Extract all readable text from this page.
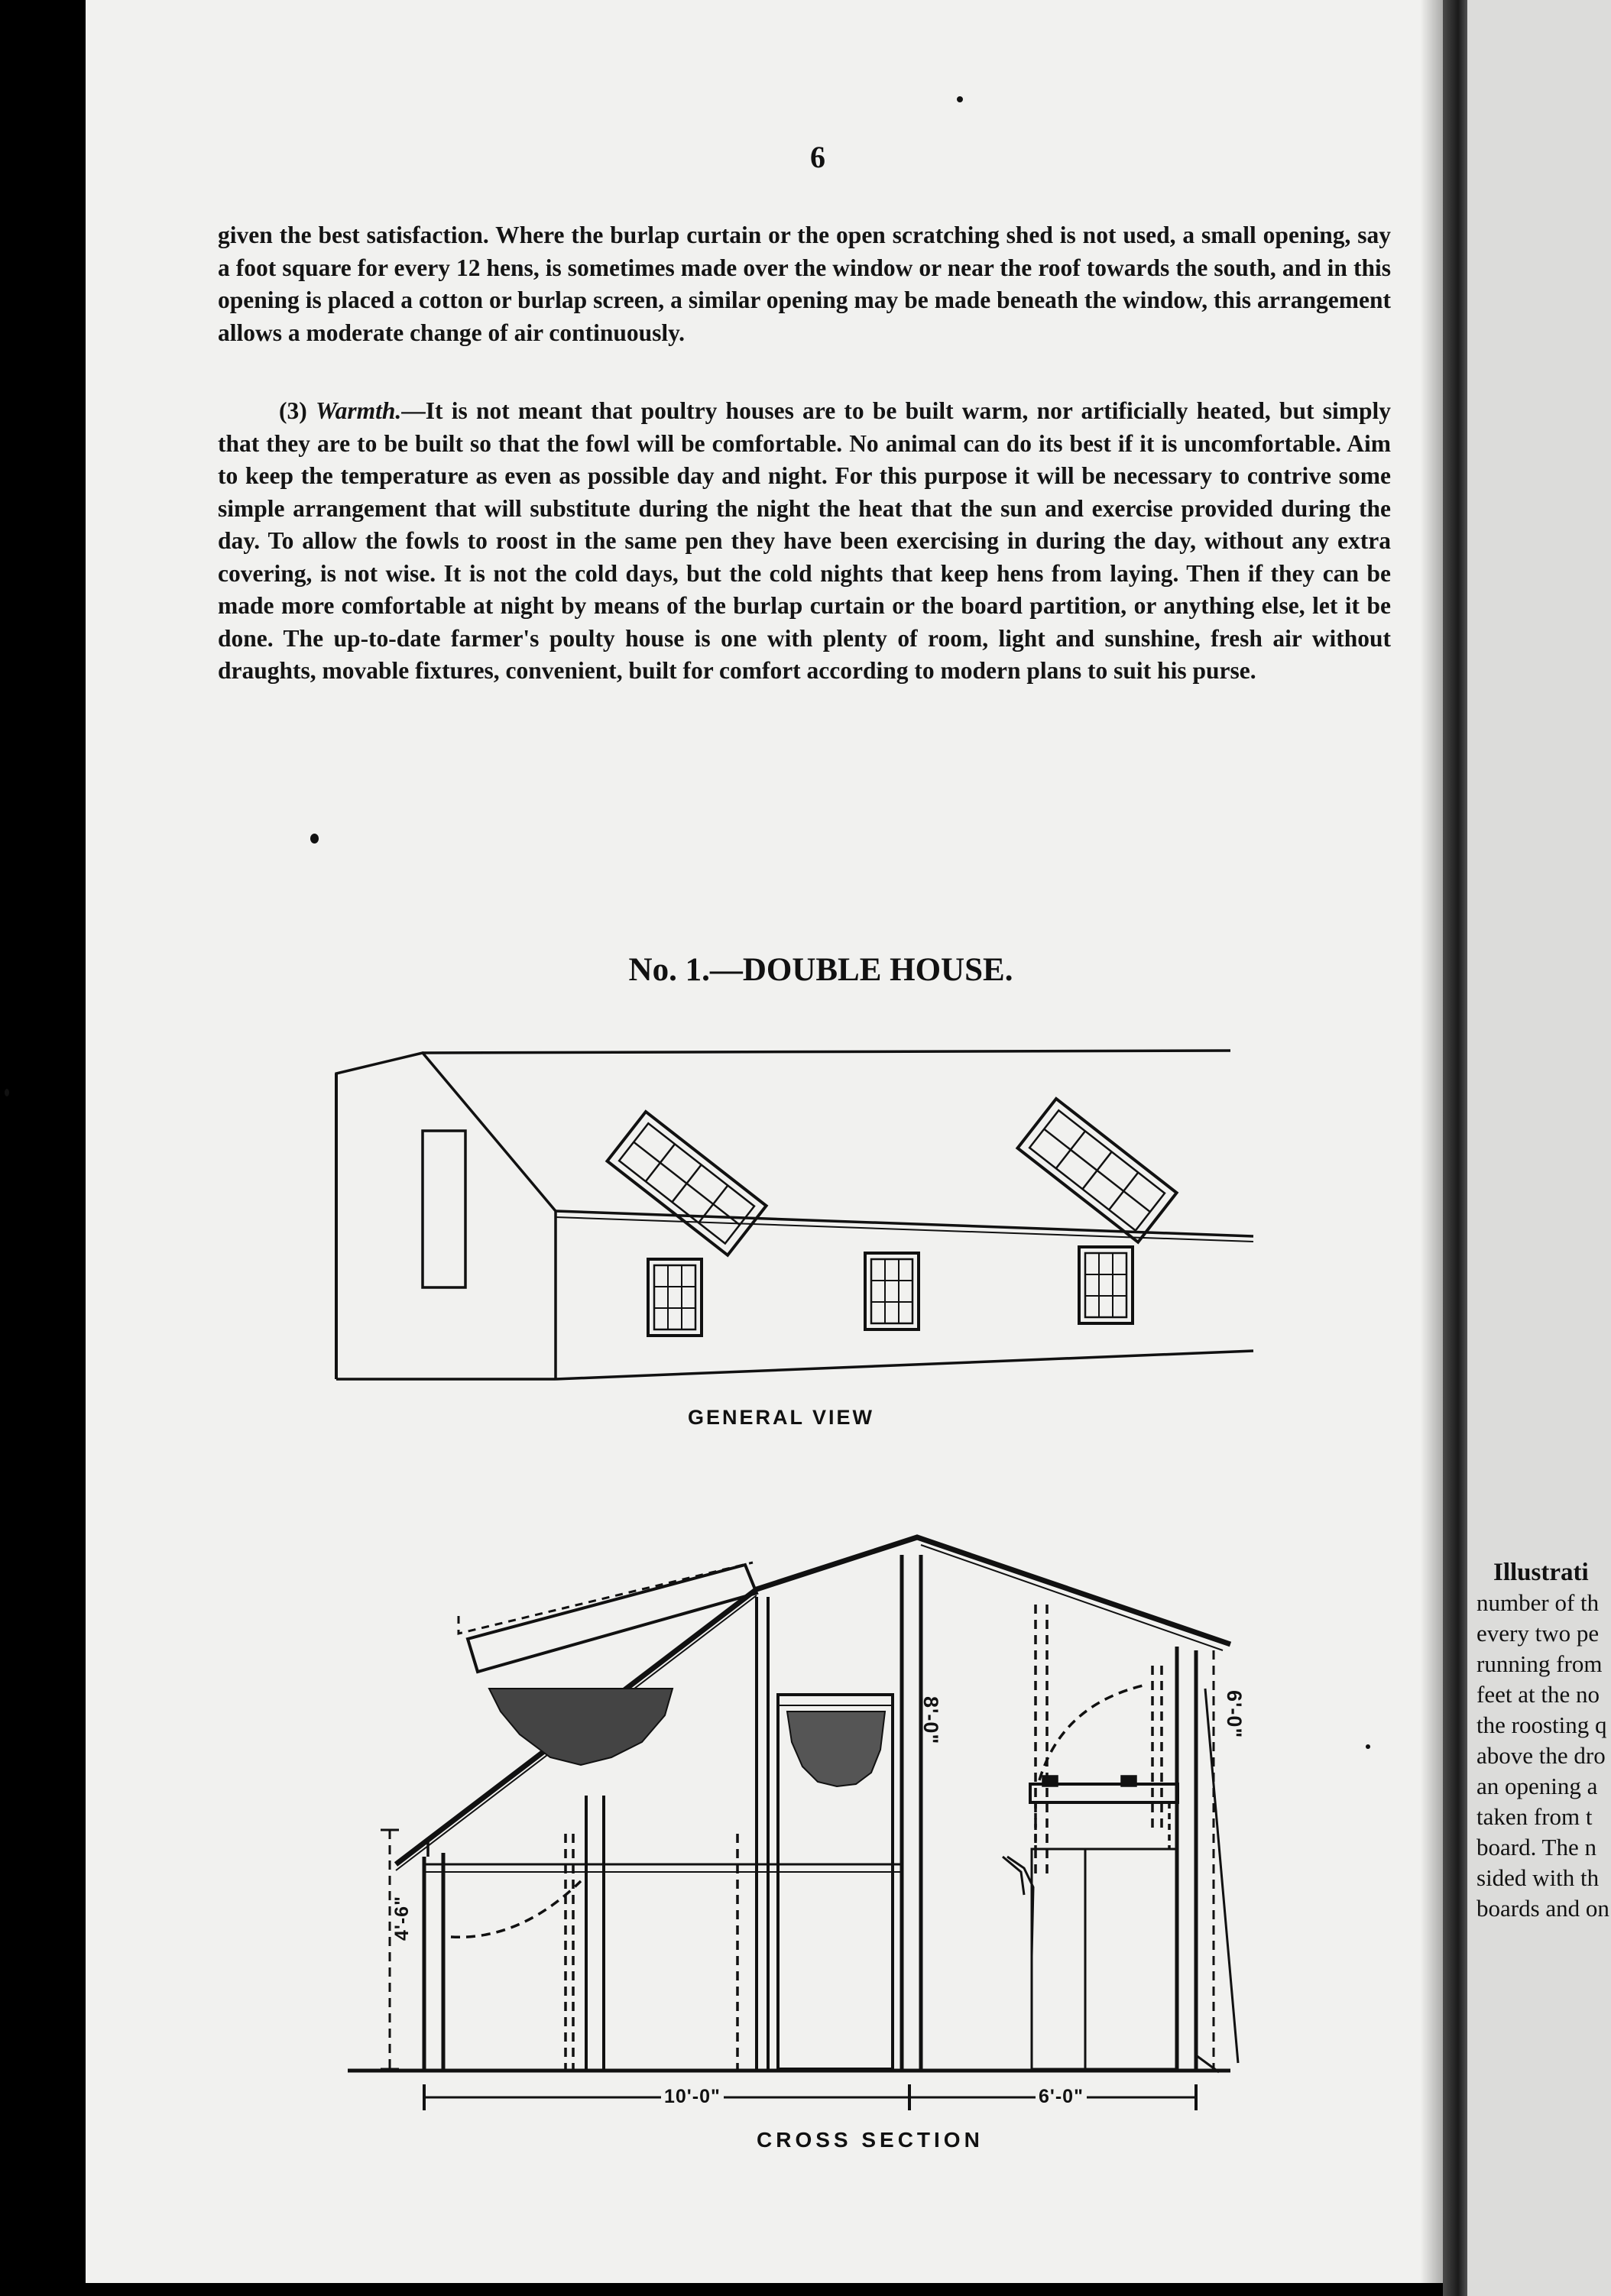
Illustrati
number of th
every two pe
running from
feet at the no
the roosting q
above the dro
an opening a
taken from t
board. The n
sided with th
boards and on
6

given the best satisfaction. Where the burlap curtain or the open scratching shed is not used, a small opening, say a foot square for every 12 hens, is sometimes made over the window or near the roof towards the south, and in this opening is placed a cotton or burlap screen, a similar opening may be made beneath the window, this arrangement allows a moderate change of air continuously.

(3) Warmth.—It is not meant that poultry houses are to be built warm, nor artificially heated, but simply that they are to be built so that the fowl will be comfortable. No animal can do its best if it is uncomfortable. Aim to keep the temperature as even as possible day and night. For this purpose it will be necessary to contrive some simple arrangement that will substitute during the night the heat that the sun and exercise provided during the day. To allow the fowls to roost in the same pen they have been exercising in during the day, without any extra covering, is not wise. It is not the cold days, but the cold nights that keep hens from laying. Then if they can be made more comfortable at night by means of the burlap curtain or the board partition, or anything else, let it be done. The up-to-date farmer's poulty house is one with plenty of room, light and sunshine, fresh air without draughts, movable fixtures, convenient, built for comfort according to modern plans to suit his purse.

No. 1.—DOUBLE HOUSE.
GENERAL VIEW
4'-6"
8'-0"	6'-0"
10'-0"	6'-0"
CROSS SECTION
